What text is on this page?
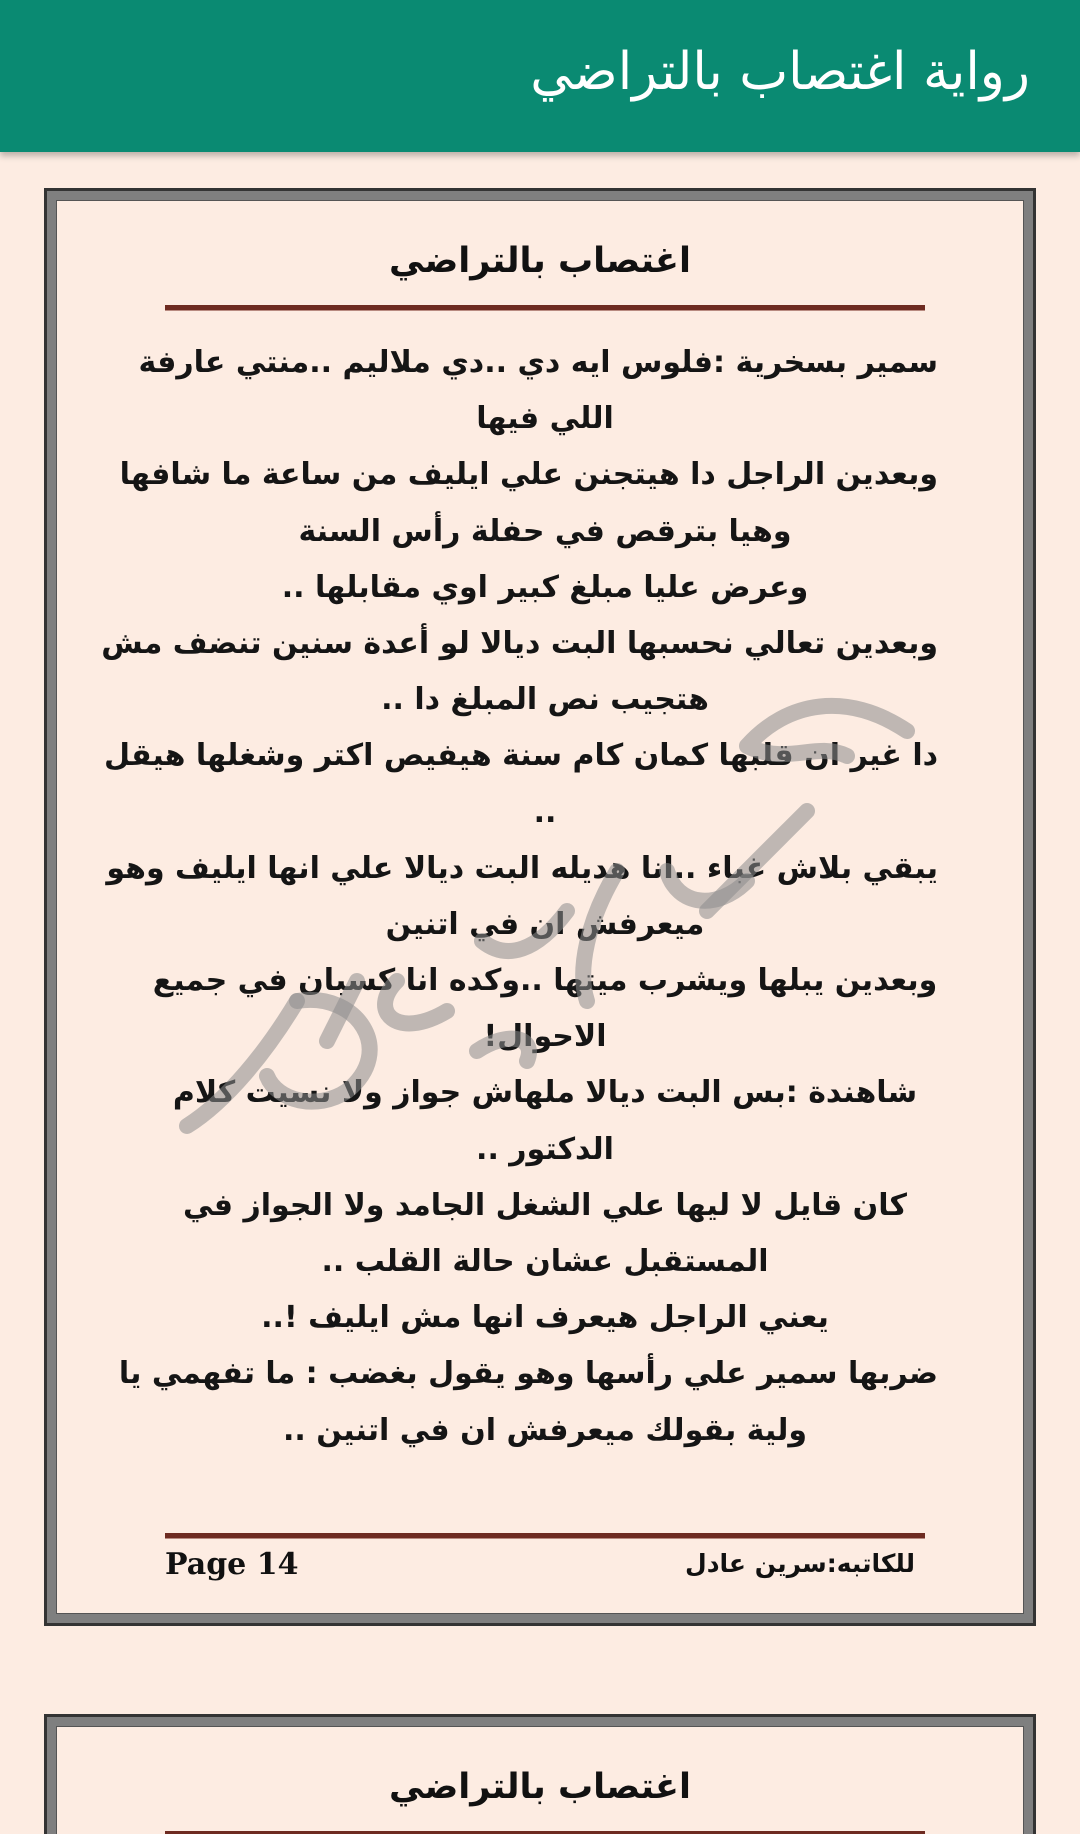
رواية اغتصاب بالتراضي
اغتصاب بالتراضي
سمير بسخرية :فلوس ايه دي ..دي ملاليم ..منتي عارفة
اللي فيها
وبعدين الراجل دا هيتجنن علي ايليف من ساعة ما شافها
وهيا بترقص في حفلة رأس السنة
وعرض عليا مبلغ كبير اوي مقابلها ..
وبعدين تعالي نحسبها البت ديالا لو أعدة سنين تنضف مش
هتجيب نص المبلغ دا ..
دا غير ان قلبها كمان كام سنة هيفيص اكتر وشغلها هيقل
..
يبقي بلاش غباء ..انا هديله البت ديالا علي انها ايليف وهو
ميعرفش ان في اتنين
وبعدين يبلها ويشرب ميتها ..وكده انا كسبان في جميع
الاحوال!
شاهندة :بس البت ديالا ملهاش جواز ولا نسيت كلام
الدكتور ..
كان قايل لا ليها علي الشغل الجامد ولا الجواز في
المستقبل عشان حالة القلب ..
يعني الراجل هيعرف انها مش ايليف !..
ضربها سمير علي رأسها وهو يقول بغضب : ما تفهمي يا
ولية بقولك ميعرفش ان في اتنين ..
Page 14	للكاتبه:سرين عادل
اغتصاب بالتراضي
